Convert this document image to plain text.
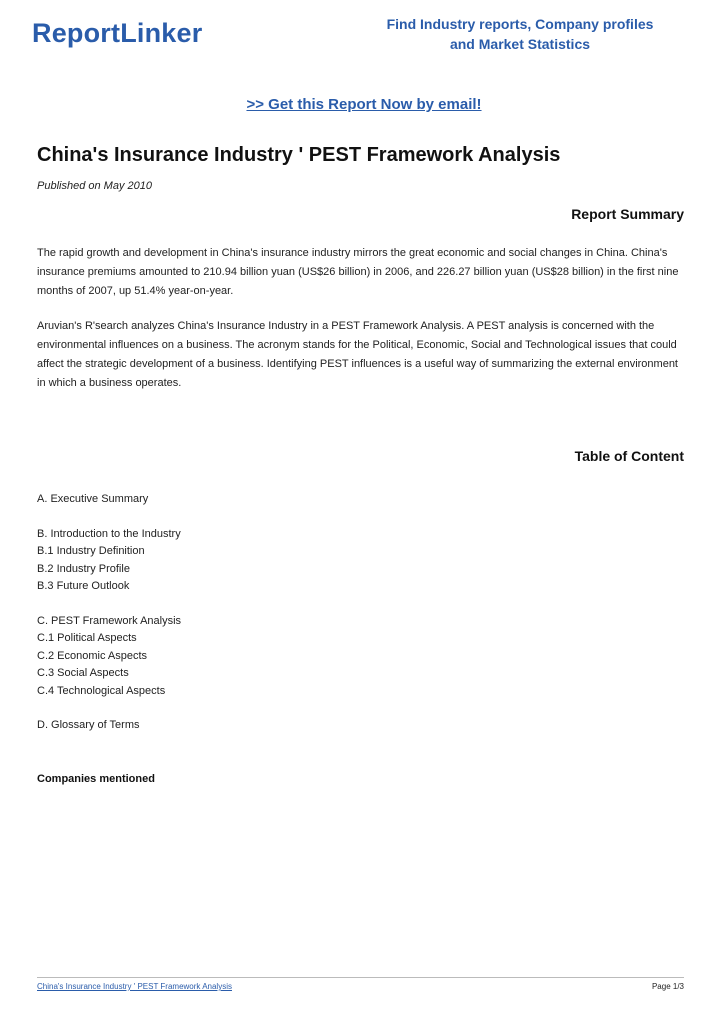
ReportLinker	Find Industry reports, Company profiles
and Market Statistics
>> Get this Report Now by email!
China's Insurance Industry ' PEST Framework Analysis
Published on May 2010
Report Summary

The rapid growth and development in China's insurance industry mirrors the great economic and social changes in China. China's insurance premiums amounted to 210.94 billion yuan (US$26 billion) in 2006, and 226.27 billion yuan (US$28 billion) in the first nine months of 2007, up 51.4% year-on-year.

Aruvian's R'search analyzes China's Insurance Industry in a PEST Framework Analysis. A PEST analysis is concerned with the environmental influences on a business. The acronym stands for the Political, Economic, Social and Technological issues that could affect the strategic development of a business. Identifying PEST influences is a useful way of summarizing the external environment in which a business operates.

Table of Content
A. Executive Summary
B. Introduction to the Industry
B.1 Industry Definition
B.2 Industry Profile
B.3 Future Outlook
C. PEST Framework Analysis
C.1 Political Aspects
C.2 Economic Aspects
C.3 Social Aspects
C.4 Technological Aspects
D. Glossary of Terms
Companies mentioned
China's Insurance Industry ' PEST Framework Analysis	Page 1/3
